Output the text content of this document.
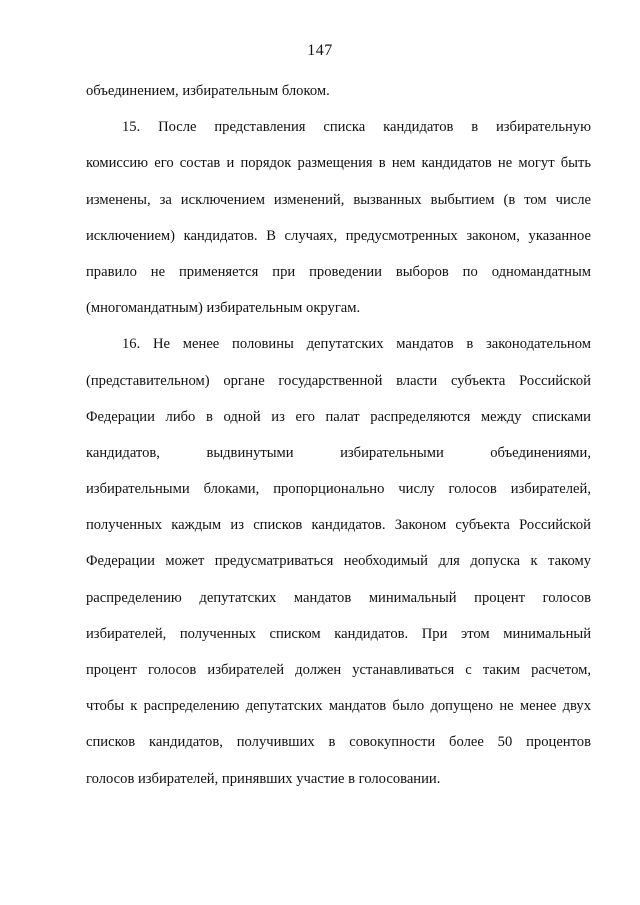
147
объединением, избирательным блоком.
15. После представления списка кандидатов в избирательную
комиссию его состав и порядок размещения в нем кандидатов не могут быть
изменены, за исключением изменений, вызванных выбытием (в том числе
исключением) кандидатов. В случаях, предусмотренных законом, указанное
правило не применяется при проведении выборов по одномандатным
(многомандатным) избирательным округам.
16. Не менее половины депутатских мандатов в законодательном
(представительном) органе государственной власти субъекта Российской
Федерации либо в одной из его палат распределяются между списками
кандидатов, выдвинутыми избирательными объединениями,
избирательными блоками, пропорционально числу голосов избирателей,
полученных каждым из списков кандидатов. Законом субъекта Российской
Федерации может предусматриваться необходимый для допуска к такому
распределению депутатских мандатов минимальный процент голосов
избирателей, полученных списком кандидатов. При этом минимальный
процент голосов избирателей должен устанавливаться с таким расчетом,
чтобы к распределению депутатских мандатов было допущено не менее двух
списков кандидатов, получивших в совокупности более 50 процентов
голосов избирателей, принявших участие в голосовании.
